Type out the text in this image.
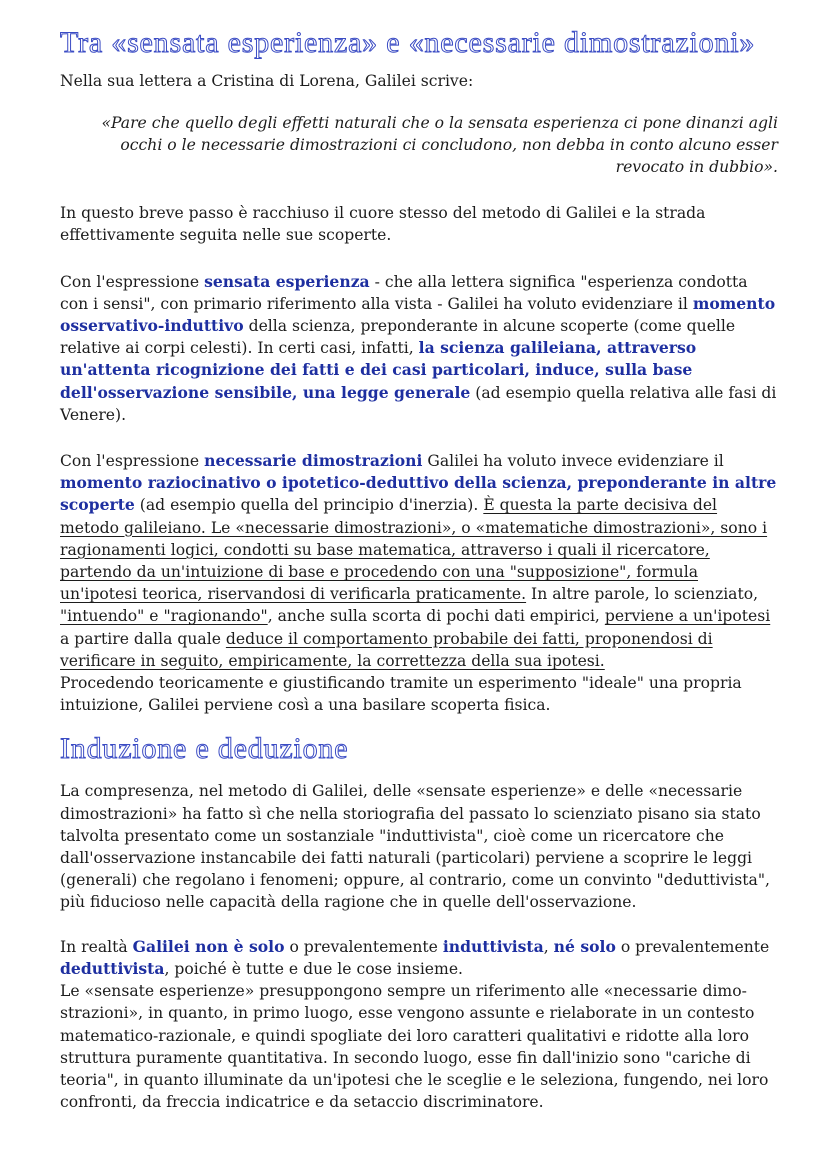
Tra «sensata esperienza» e «necessarie dimostrazioni»

Nella sua lettera a Cristina di Lorena, Galilei scrive:

«Pare che quello degli effetti naturali che o la sensata esperienza ci pone dinanzi agli occhi o le necessarie dimostrazioni ci concludono, non debba in conto alcuno esser revocato in dubbio».

In questo breve passo è racchiuso il cuore stesso del metodo di Galilei e la strada effettivamente seguita nelle sue scoperte.

Con l'espressione sensata esperienza - che alla lettera significa "esperienza condotta con i sensi", con primario riferimento alla vista - Galilei ha voluto evidenziare il momento osservativo-induttivo della scienza, preponderante in alcune scoperte (come quelle relative ai corpi celesti). In certi casi, infatti, la scienza galileiana, attraverso un'attenta ricognizione dei fatti e dei casi particolari, induce, sulla base dell'osservazione sensibile, una legge generale (ad esempio quella relativa alle fasi di Venere).

Con l'espressione necessarie dimostrazioni Galilei ha voluto invece evidenziare il momento raziocinativo o ipotetico-deduttivo della scienza, preponderante in altre scoperte (ad esempio quella del principio d'inerzia). È questa la parte decisiva del metodo galileiano. Le «necessarie dimostrazioni», o «matematiche dimostrazioni», sono i ragionamenti logici, condotti su base matematica, attraverso i quali il ricercatore, partendo da un'intuizione di base e procedendo con una "supposizione", formula un'ipotesi teorica, riservandosi di verificarla praticamente. In altre parole, lo scienziato, "intuendo" e "ragionando", anche sulla scorta di pochi dati empirici, perviene a un'ipotesi a partire dalla quale deduce il comportamento probabile dei fatti, proponendosi di verificare in seguito, empiricamente, la correttezza della sua ipotesi.
Procedendo teoricamente e giustificando tramite un esperimento "ideale" una propria intuizione, Galilei perviene così a una basilare scoperta fisica.

Induzione e deduzione

La compresenza, nel metodo di Galilei, delle «sensate esperienze» e delle «necessarie dimostrazioni» ha fatto sì che nella storiografia del passato lo scienziato pisano sia stato talvolta presentato come un sostanziale "induttivista", cioè come un ricercatore che dall'osservazione instancabile dei fatti naturali (particolari) perviene a scoprire le leggi (generali) che regolano i fenomeni; oppure, al contrario, come un convinto "deduttivista", più fiducioso nelle capacità della ragione che in quelle dell'osservazione.

In realtà Galilei non è solo o prevalentemente induttivista, né solo o prevalentemente deduttivista, poiché è tutte e due le cose insieme.
Le «sensate esperienze» presuppongono sempre un riferimento alle «necessarie dimostrazioni», in quanto, in primo luogo, esse vengono assunte e rielaborate in un contesto matematico-razionale, e quindi spogliate dei loro caratteri qualitativi e ridotte alla loro struttura puramente quantitativa. In secondo luogo, esse fin dall'inizio sono "cariche di teoria", in quanto illuminate da un'ipotesi che le sceglie e le seleziona, fungendo, nei loro confronti, da freccia indicatrice e da setaccio discriminatore.
